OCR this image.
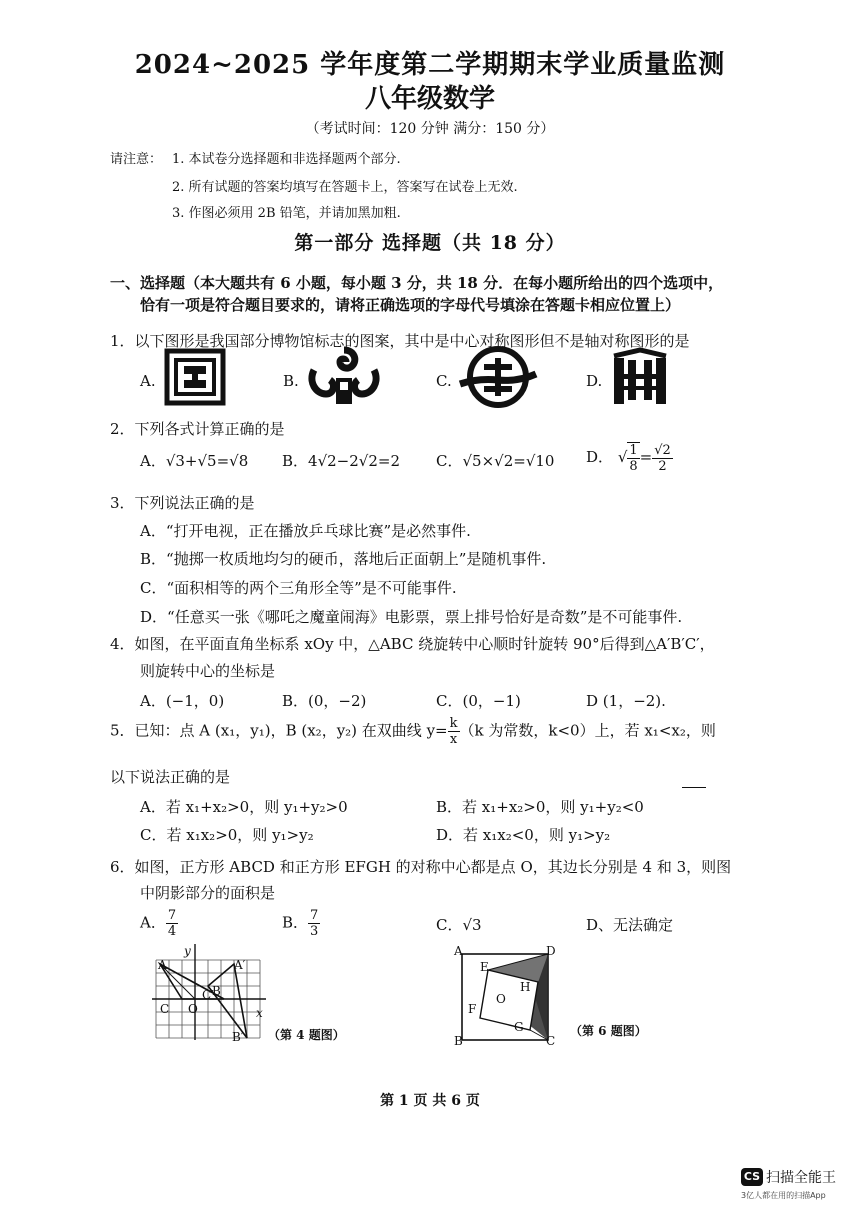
2024~2025 学年度第二学期期末学业质量监测
八年级数学
（考试时间：120 分钟 满分：150 分）
请注意： 1. 本试卷分选择题和非选择题两个部分.
2. 所有试题的答案均填写在答题卡上，答案写在试卷上无效.
3. 作图必须用 2B 铅笔，并请加黑加粗.
第一部分 选择题（共 18 分）
一、选择题（本大题共有 6 小题，每小题 3 分，共 18 分．在每小题所给出的四个选项中，
恰有一项是符合题目要求的，请将正确选项的字母代号填涂在答题卡相应位置上）
1．以下图形是我国部分博物馆标志的图案，其中是中心对称图形但不是轴对称图形的是
A.	B.	C.	D.
2．下列各式计算正确的是
A．√3+√5=√8 B．4√2−2√2=2 C．√5×√2=√10 D． √ $\frac{1}{8} = \frac{√2}{2}$
3．下列说法正确的是
A．“打开电视，正在播放乒乓球比赛”是必然事件.
B．“抛掷一枚质地均匀的硬币，落地后正面朝上”是随机事件.
C．“面积相等的两个三角形全等”是不可能事件.
D．“任意买一张《哪吒之魔童闹海》电影票，票上排号恰好是奇数”是不可能事件.
4．如图，在平面直角坐标系 xOy 中，△ABC 绕旋转中心顺时针旋转 90°后得到△A′B′C′，
则旋转中心的坐标是
A．(−1，0)	B．(0，−2)	C．(0，−1)	D (1，−2).
5．已知：点 A (x₁，y₁)，B (x₂，y₂) 在双曲线 $y= \frac{k}{x} (k$ 为常数，k<0）上，若 x₁<x₂，则
以下说法正确的是
A．若 x₁+x₂>0，则 y₁+y₂>0	B．若 x₁+x₂>0，则 y₁+y₂<0
C．若 x₁x₂>0，则 y₁>y₂	D．若 x₁x₂<0，则 y₁>y₂
6．如图，正方形 ABCD 和正方形 EFGH 的对称中心都是点 O，其边长分别是 4 和 3，则图
中阴影部分的面积是
A． $\frac{7}{4}$	B． $\frac{7}{3}$	C．√3	D、无法确定
A	A′
B
B′
C
C′
O	x
y
（第 4 题图）
A
B	C
D
E
F
G
H
O
（第 6 题图）
第 1 页 共 6 页
CS 扫描全能王
3亿人都在用的扫描App
